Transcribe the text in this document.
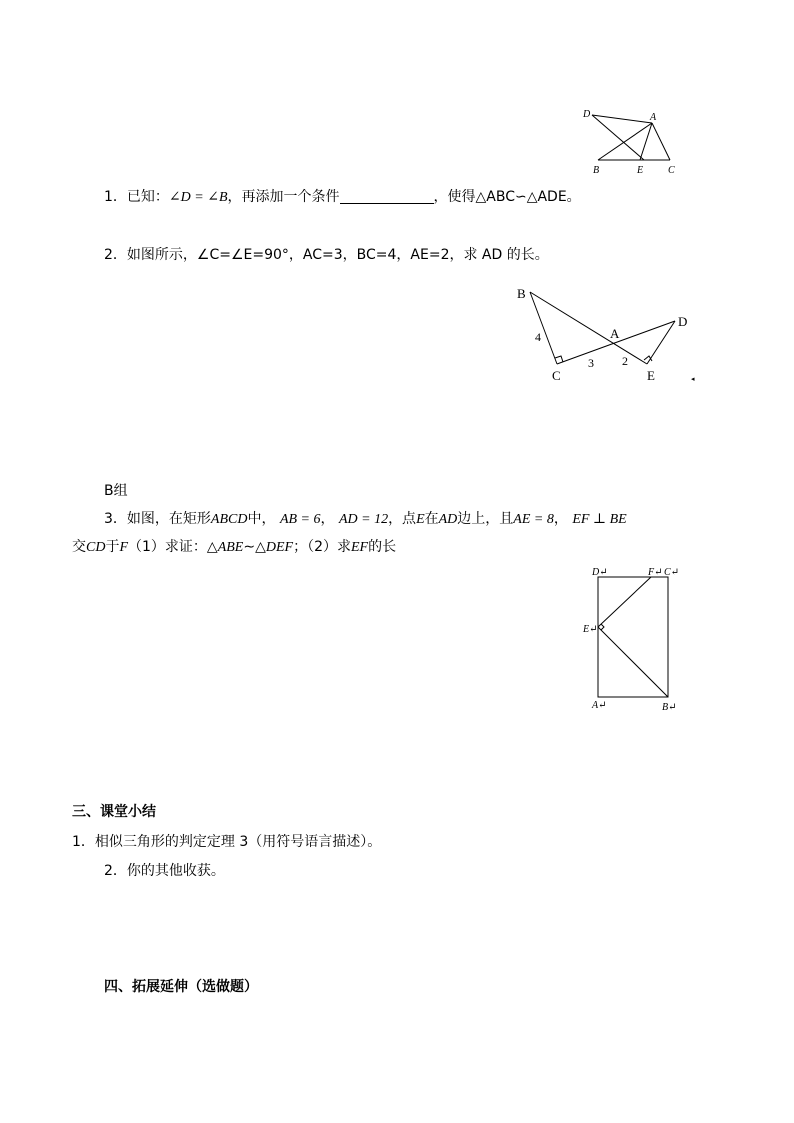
D	A
B	E C
1．已知：∠D = ∠B，再添加一个条件	，使得△ABC∽△ADE。
2．如图所示，∠C=∠E=90°，AC=3，BC=4，AE=2，求 AD 的长。
B
A
D
C	E
4
3 2
◂
B组
3．如图，在矩形ABCD中， AB = 6， AD = 12，点E在AD边上，且AE = 8， EF ⊥ BE
交CD于F（1）求证：△ABE∼△DEF；（2）求EF的长
D↵	F↵ C↵
E↵
A↵	B↵
三、课堂小结
1．相似三角形的判定定理 3（用符号语言描述）。
2．你的其他收获。
四、拓展延伸（选做题）
